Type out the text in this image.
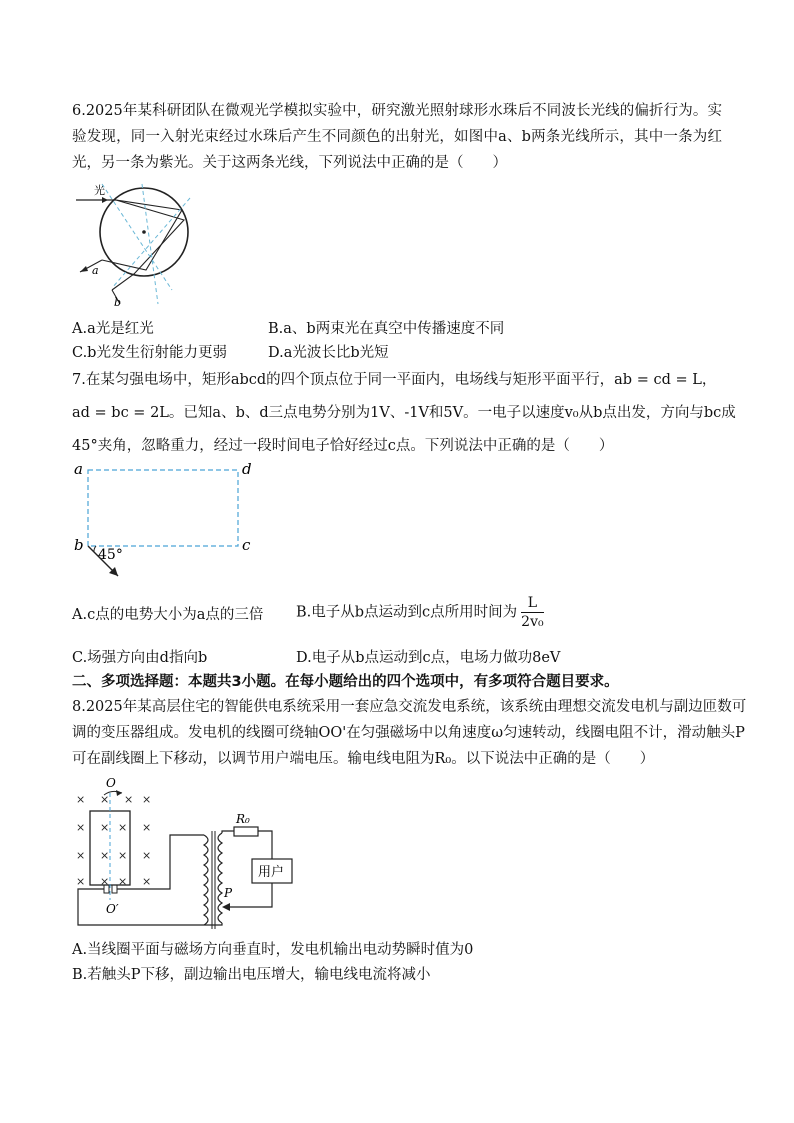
6.2025年某科研团队在微观光学模拟实验中，研究激光照射球形水珠后不同波长光线的偏折行为。实验发现，同一入射光束经过水珠后产生不同颜色的出射光，如图中a、b两条光线所示，其中一条为红光，另一条为紫光。关于这两条光线，下列说法中正确的是（　　）
光
a
b
A.a光是红光	B.a、b两束光在真空中传播速度不同
C.b光发生衍射能力更弱	D.a光波长比b光短
7.在某匀强电场中，矩形abcd的四个顶点位于同一平面内，电场线与矩形平面平行，ab = cd = L，
ad = bc = 2L。已知a、b、d三点电势分别为1V、-1V和5V。一电子以速度v₀从b点出发，方向与bc成
45°夹角，忽略重力，经过一段时间电子恰好经过c点。下列说法中正确的是（　　）
a	d
b	c
45°
A.c点的电势大小为a点的三倍 B.电子从b点运动到c点所用时间为 $\frac{L}{\text{2v₀}}$
C.场强方向由d指向b	D.电子从b点运动到c点，电场力做功8eV
二、多项选择题：本题共3小题。在每小题给出的四个选项中，有多项符合题目要求。
8.2025年某高层住宅的智能供电系统采用一套应急交流发电系统，该系统由理想交流发电机与副边匝数可
调的变压器组成。发电机的线圈可绕轴OO'在匀强磁场中以角速度ω匀速转动，线圈电阻不计，滑动触头P
可在副线圈上下移动，以调节用户端电压。输电线电阻为R₀。以下说法中正确的是（　　）
× × × ×
× × × ×
× × × ×
× × × ×
O
O′
R₀
用户
P
A.当线圈平面与磁场方向垂直时，发电机输出电动势瞬时值为0
B.若触头P下移，副边输出电压增大，输电线电流将减小
